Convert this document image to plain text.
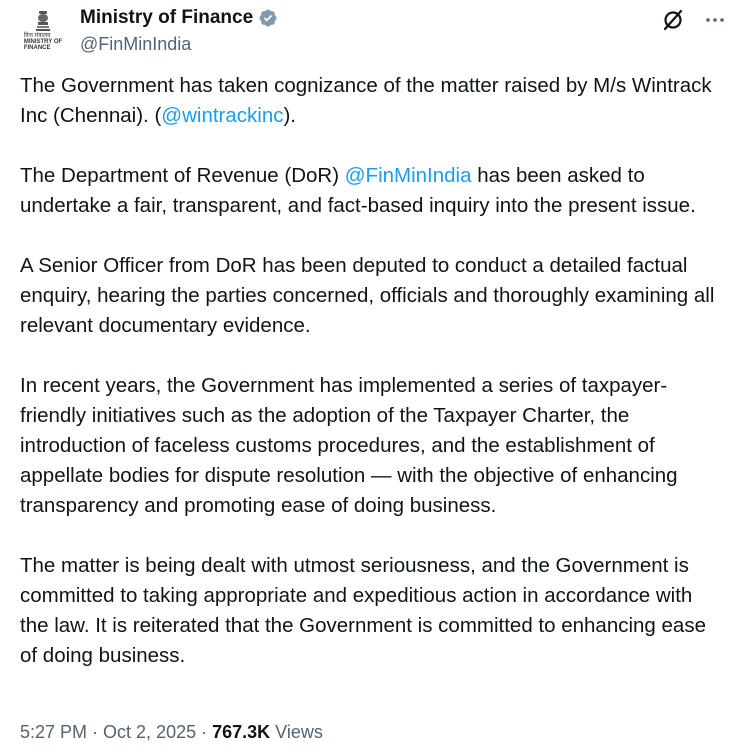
वित्त मंत्रालय
MINISTRY OF
FINANCE
Ministry of Finance
@FinMinIndia

The Government has taken cognizance of the matter raised by M/s Wintrack Inc (Chennai). (@wintrackinc).

The Department of Revenue (DoR) @FinMinIndia has been asked to undertake a fair, transparent, and fact-based inquiry into the present issue.

A Senior Officer from DoR has been deputed to conduct a detailed factual enquiry, hearing the parties concerned, officials and thoroughly examining all relevant documentary evidence.

In recent years, the Government has implemented a series of taxpayer-friendly initiatives such as the adoption of the Taxpayer Charter, the introduction of faceless customs procedures, and the establishment of appellate bodies for dispute resolution — with the objective of enhancing transparency and promoting ease of doing business.

The matter is being dealt with utmost seriousness, and the Government is committed to taking appropriate and expeditious action in accordance with the law. It is reiterated that the Government is committed to enhancing ease of doing business.

5:27 PM · Oct 2, 2025 · 767.3K Views
